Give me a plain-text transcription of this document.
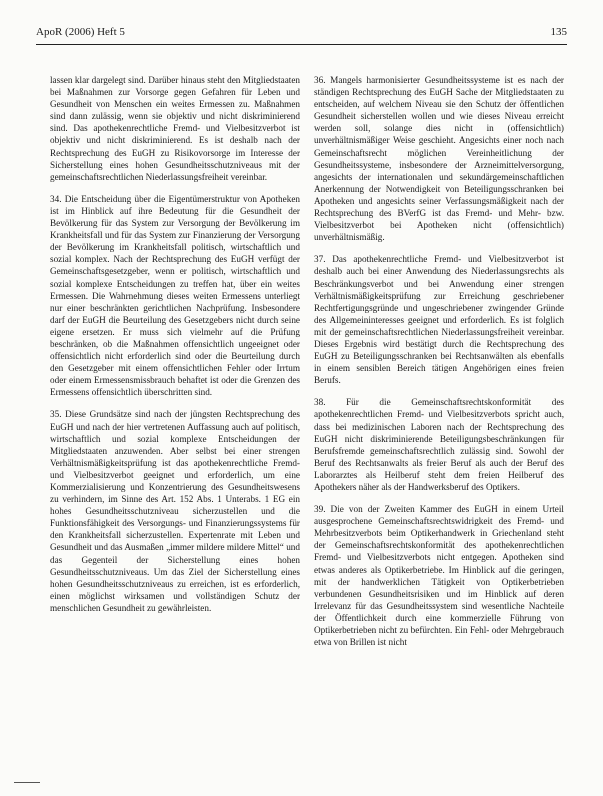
ApoR (2006) Heft 5	135

lassen klar dargelegt sind. Darüber hinaus steht den Mitgliedstaaten bei Maßnahmen zur Vorsorge gegen Gefahren für Leben und Gesundheit von Menschen ein weites Ermessen zu. Maßnahmen sind dann zulässig, wenn sie objektiv und nicht diskriminierend sind. Das apothekenrechtliche Fremd- und Vielbesitzverbot ist objektiv und nicht diskriminierend. Es ist deshalb nach der Rechtsprechung des EuGH zu Risikovorsorge im Interesse der Sicherstellung eines hohen Gesundheitsschutzniveaus mit der gemeinschaftsrechtlichen Niederlassungsfreiheit vereinbar.

34. Die Entscheidung über die Eigentümerstruktur von Apotheken ist im Hinblick auf ihre Bedeutung für die Gesundheit der Bevölkerung für das System zur Versorgung der Bevölkerung im Krankheitsfall und für das System zur Finanzierung der Versorgung der Bevölkerung im Krankheitsfall politisch, wirtschaftlich und sozial komplex. Nach der Rechtsprechung des EuGH verfügt der Gemeinschaftsgesetzgeber, wenn er politisch, wirtschaftlich und sozial komplexe Entscheidungen zu treffen hat, über ein weites Ermessen. Die Wahrnehmung dieses weiten Ermessens unterliegt nur einer beschränkten gerichtlichen Nachprüfung. Insbesondere darf der EuGH die Beurteilung des Gesetzgebers nicht durch seine eigene ersetzen. Er muss sich vielmehr auf die Prüfung beschränken, ob die Maßnahmen offensichtlich ungeeignet oder offensichtlich nicht erforderlich sind oder die Beurteilung durch den Gesetzgeber mit einem offensichtlichen Fehler oder Irrtum oder einem Ermessensmissbrauch behaftet ist oder die Grenzen des Ermessens offensichtlich überschritten sind.

35. Diese Grundsätze sind nach der jüngsten Rechtsprechung des EuGH und nach der hier vertretenen Auffassung auch auf politisch, wirtschaftlich und sozial komplexe Entscheidungen der Mitgliedstaaten anzuwenden. Aber selbst bei einer strengen Verhältnismäßigkeitsprüfung ist das apothekenrechtliche Fremd- und Vielbesitzverbot geeignet und erforderlich, um eine Kommerzialisierung und Konzentrierung des Gesundheitswesens zu verhindern, im Sinne des Art. 152 Abs. 1 Unterabs. 1 EG ein hohes Gesundheitsschutzniveau sicherzustellen und die Funktionsfähigkeit des Versorgungs- und Finanzierungssystems für den Krankheitsfall sicherzustellen. Expertenrate mit Leben und Gesundheit und das Ausmaßen „immer mildere mildere Mittel“ und das Gegenteil der Sicherstellung eines hohen Gesundheitsschutzniveaus. Um das Ziel der Sicherstellung eines hohen Gesundheitsschutzniveaus zu erreichen, ist es erforderlich, einen möglichst wirksamen und vollständigen Schutz der menschlichen Gesundheit zu gewährleisten.

36. Mangels harmonisierter Gesundheitssysteme ist es nach der ständigen Rechtsprechung des EuGH Sache der Mitgliedstaaten zu entscheiden, auf welchem Niveau sie den Schutz der öffentlichen Gesundheit sicherstellen wollen und wie dieses Niveau erreicht werden soll, solange dies nicht in (offensichtlich) unverhältnismäßiger Weise geschieht. Angesichts einer noch nach Gemeinschaftsrecht möglichen Vereinheitlichung der Gesundheitssysteme, insbesondere der Arzneimittelversorgung, angesichts der internationalen und sekundärgemeinschaftlichen Anerkennung der Notwendigkeit von Beteiligungsschranken bei Apotheken und angesichts seiner Verfassungsmäßigkeit nach der Rechtsprechung des BVerfG ist das Fremd- und Mehr- bzw. Vielbesitzverbot bei Apotheken nicht (offensichtlich) unverhältnismäßig.

37. Das apothekenrechtliche Fremd- und Vielbesitzverbot ist deshalb auch bei einer Anwendung des Niederlassungsrechts als Beschränkungsverbot und bei Anwendung einer strengen Verhältnismäßigkeitsprüfung zur Erreichung geschriebener Rechtfertigungsgründe und ungeschriebener zwingender Gründe des Allgemeininteresses geeignet und erforderlich. Es ist folglich mit der gemeinschaftsrechtlichen Niederlassungsfreiheit vereinbar. Dieses Ergebnis wird bestätigt durch die Rechtsprechung des EuGH zu Beteiligungsschranken bei Rechtsanwälten als ebenfalls in einem sensiblen Bereich tätigen Angehörigen eines freien Berufs.

38. Für die Gemeinschaftsrechtskonformität des apothekenrechtlichen Fremd- und Vielbesitzverbots spricht auch, dass bei medizinischen Laboren nach der Rechtsprechung des EuGH nicht diskriminierende Beteiligungsbeschränkungen für Berufsfremde gemeinschaftsrechtlich zulässig sind. Sowohl der Beruf des Rechtsanwalts als freier Beruf als auch der Beruf des Laborarztes als Heilberuf steht dem freien Heilberuf des Apothekers näher als der Handwerksberuf des Optikers.

39. Die von der Zweiten Kammer des EuGH in einem Urteil ausgesprochene Gemeinschaftsrechtswidrigkeit des Fremd- und Mehrbesitzverbots beim Optikerhandwerk in Griechenland steht der Gemeinschaftsrechtskonformität des apothekenrechtlichen Fremd- und Vielbesitzverbots nicht entgegen. Apotheken sind etwas anderes als Optikerbetriebe. Im Hinblick auf die geringen, mit der handwerklichen Tätigkeit von Optikerbetrieben verbundenen Gesundheitsrisiken und im Hinblick auf deren Irrelevanz für das Gesundheitssystem sind wesentliche Nachteile der Öffentlichkeit durch eine kommerzielle Führung von Optikerbetrieben nicht zu befürchten. Ein Fehl- oder Mehrgebrauch etwa von Brillen ist nicht
